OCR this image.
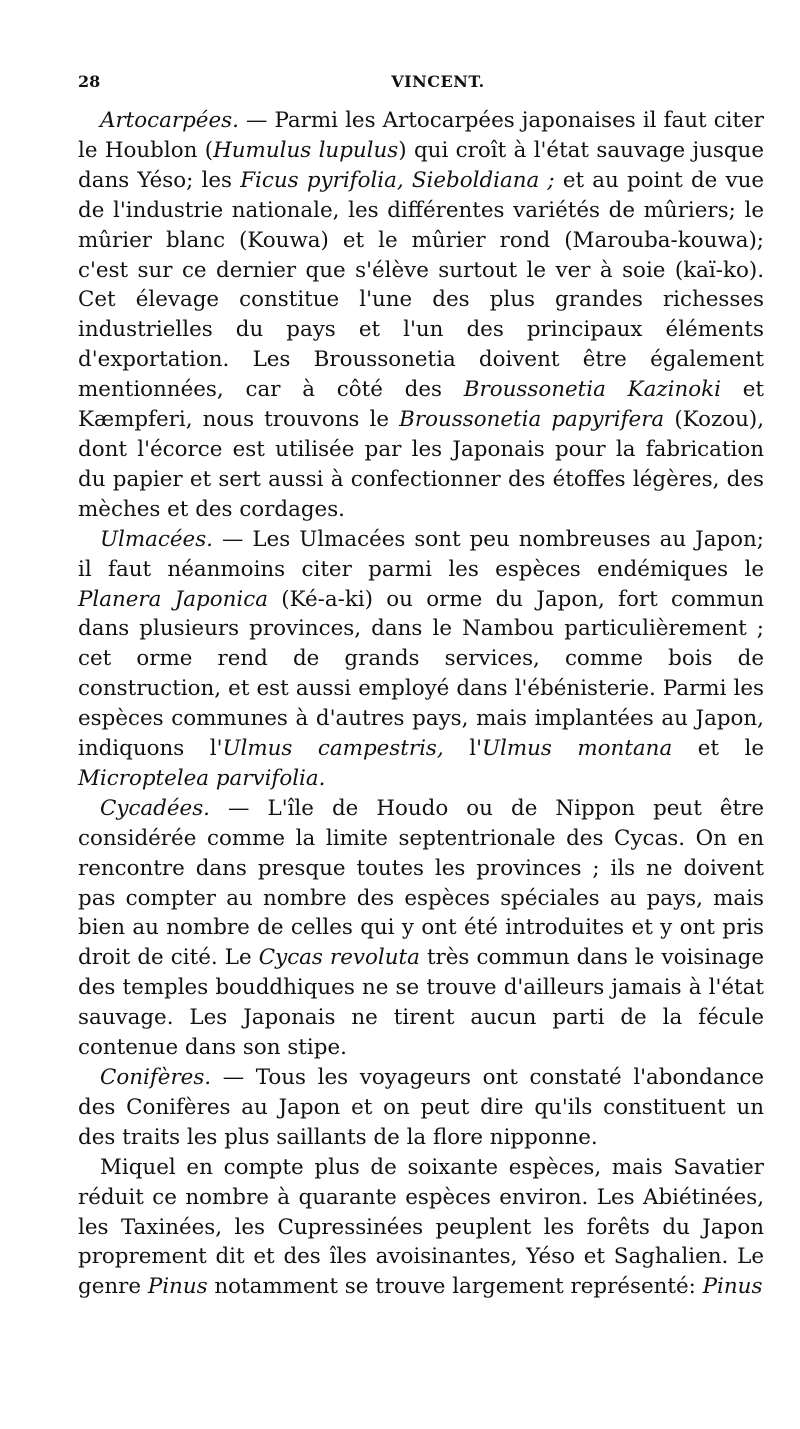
28	VINCENT.

Artocarpées. — Parmi les Artocarpées japonaises il faut citer le Houblon (Humulus lupulus) qui croît à l'état sauvage jusque dans Yéso; les Ficus pyrifolia, Sieboldiana ; et au point de vue de l'industrie nationale, les différentes variétés de mûriers; le mûrier blanc (Kouwa) et le mûrier rond (Marouba-kouwa); c'est sur ce dernier que s'élève surtout le ver à soie (kaï-ko). Cet élevage constitue l'une des plus grandes richesses industrielles du pays et l'un des principaux éléments d'exportation. Les Broussonetia doivent être également mentionnées, car à côté des Broussonetia Kazinoki et Kæmpferi, nous trouvons le Broussonetia papyrifera (Kozou), dont l'écorce est utilisée par les Japonais pour la fabrication du papier et sert aussi à confectionner des étoffes légères, des mèches et des cordages.

Ulmacées. — Les Ulmacées sont peu nombreuses au Japon; il faut néanmoins citer parmi les espèces endémiques le Planera Japonica (Ké-a-ki) ou orme du Japon, fort commun dans plusieurs provinces, dans le Nambou particulièrement ; cet orme rend de grands services, comme bois de construction, et est aussi employé dans l'ébénisterie. Parmi les espèces communes à d'autres pays, mais implantées au Japon, indiquons l'Ulmus campestris, l'Ulmus montana et le Microptelea parvifolia.

Cycadées. — L'île de Houdo ou de Nippon peut être considérée comme la limite septentrionale des Cycas. On en rencontre dans presque toutes les provinces ; ils ne doivent pas compter au nombre des espèces spéciales au pays, mais bien au nombre de celles qui y ont été introduites et y ont pris droit de cité. Le Cycas revoluta très commun dans le voisinage des temples bouddhiques ne se trouve d'ailleurs jamais à l'état sauvage. Les Japonais ne tirent aucun parti de la fécule contenue dans son stipe.

Conifères. — Tous les voyageurs ont constaté l'abondance des Conifères au Japon et on peut dire qu'ils constituent un des traits les plus saillants de la flore nipponne.

Miquel en compte plus de soixante espèces, mais Savatier réduit ce nombre à quarante espèces environ. Les Abiétinées, les Taxinées, les Cupressinées peuplent les forêts du Japon proprement dit et des îles avoisinantes, Yéso et Saghalien. Le genre Pinus notamment se trouve largement représenté: Pinus
